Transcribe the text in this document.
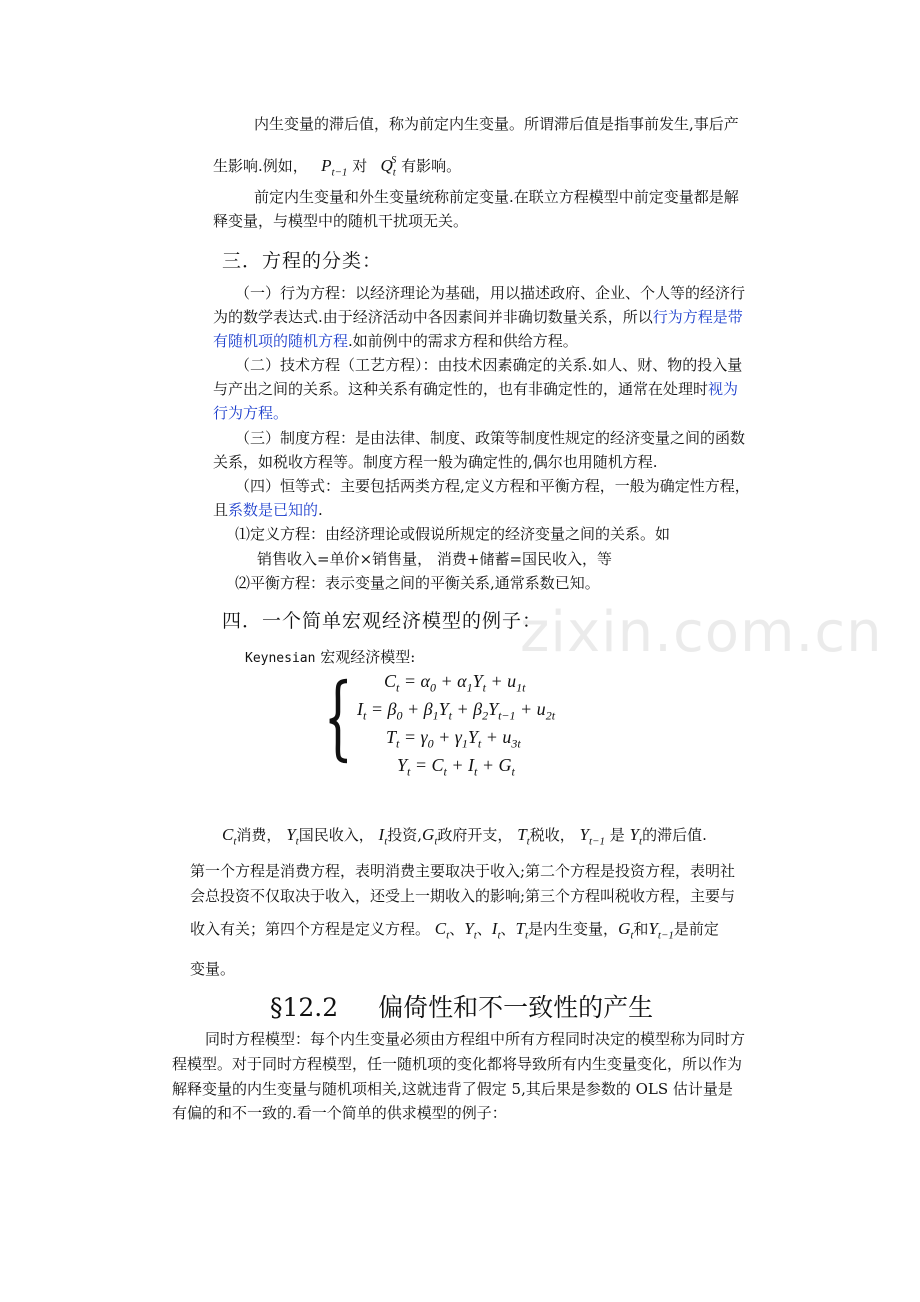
zixin.com.cn
内生变量的滞后值，称为前定内生变量。所谓滞后值是指事前发生,事后产
生影响.例如，   $P_{t-1}$ 对   $Q_t^S$ 有影响。
前定内生变量和外生变量统称前定变量.在联立方程模型中前定变量都是解
释变量，与模型中的随机干扰项无关。
三．方程的分类：
（一）行为方程：以经济理论为基础，用以描述政府、企业、个人等的经济行
为的数学表达式.由于经济活动中各因素间并非确切数量关系，所以行为方程是带
有随机项的随机方程.如前例中的需求方程和供给方程。
（二）技术方程（工艺方程）：由技术因素确定的关系.如人、财、物的投入量
与产出之间的关系。这种关系有确定性的，也有非确定性的，通常在处理时视为
行为方程。
（三）制度方程：是由法律、制度、政策等制度性规定的经济变量之间的函数
关系，如税收方程等。制度方程一般为确定性的,偶尔也用随机方程.
（四）恒等式：主要包括两类方程,定义方程和平衡方程，一般为确定性方程，
且系数是已知的.
⑴定义方程：由经济理论或假说所规定的经济变量之间的关系。如
销售收入=单价×销售量， 消费+储蓄=国民收入，等
⑵平衡方程：表示变量之间的平衡关系,通常系数已知。
四．一个简单宏观经济模型的例子：
Keynesian 宏观经济模型:
$C_t = \alpha_0 + \alpha_1Y_t + u_{1t}$
$I_t = \beta_0 + \beta_1Y_t + \beta_2Y_{t-1} + u_{2t}$
$T_t = \gamma_0 + \gamma_1Y_t + u_{3t}$
$Y_t = C_t + I_t + G_t$
$C_t$消费， $Y_t$国民收入， $I_t$投资$,G_t$政府开支， $T_t$税收， $Y_{t-1}$ 是 $Y_t$的滞后值.
第一个方程是消费方程，表明消费主要取决于收入;第二个方程是投资方程，表明社
会总投资不仅取决于收入，还受上一期收入的影响;第三个方程叫税收方程，主要与
收入有关；第四个方程是定义方程。 $C_t$、$Y_t$、$I_t$、$T_t$是内生变量，$G_t$和$Y_{t-1}$是前定
变量。
§12.2 偏倚性和不一致性的产生
同时方程模型：每个内生变量必须由方程组中所有方程同时决定的模型称为同时方
程模型。对于同时方程模型，任一随机项的变化都将导致所有内生变量变化，所以作为
解释变量的内生变量与随机项相关,这就违背了假定 5,其后果是参数的 OLS 估计量是
有偏的和不一致的.看一个简单的供求模型的例子：
